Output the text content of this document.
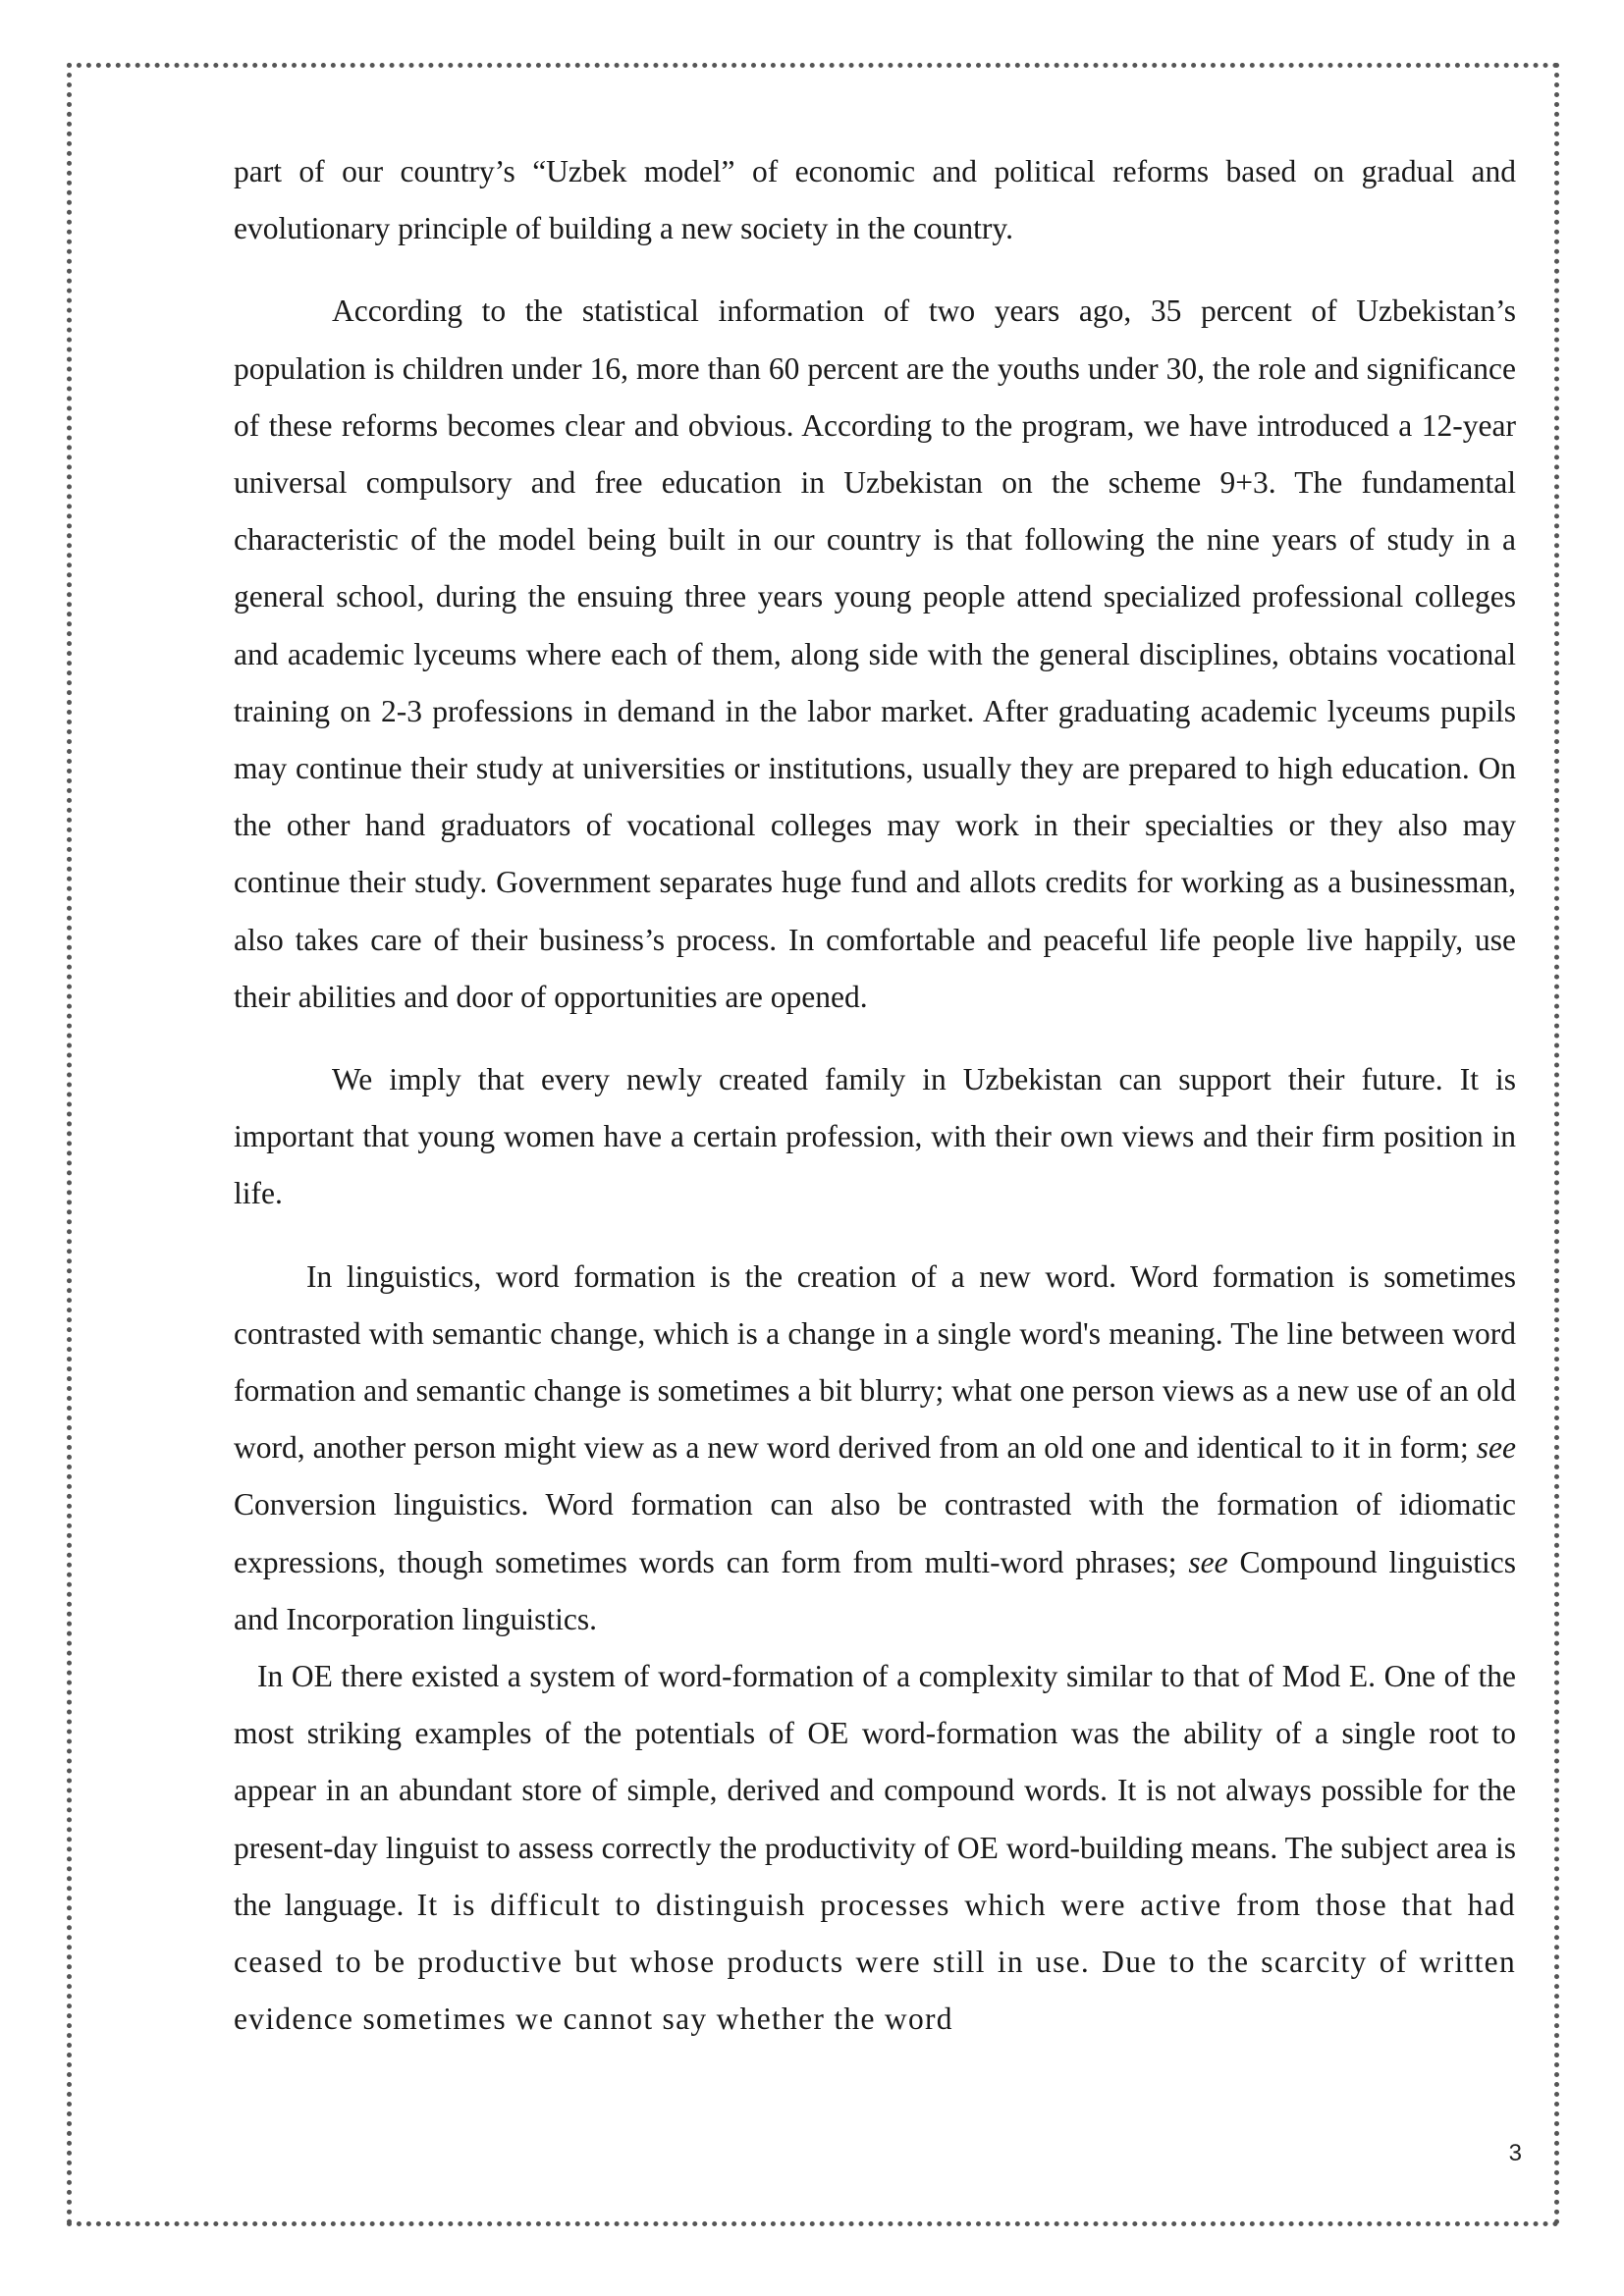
part of our country’s “Uzbek model” of economic and political reforms based on gradual and evolutionary principle of building a new society in the country.

According to the statistical information of two years ago, 35 percent of Uzbekistan’s population is children under 16, more than 60 percent are the youths under 30, the role and significance of these reforms becomes clear and obvious. According to the program, we have introduced a 12-year universal compulsory and free education in Uzbekistan on the scheme 9+3. The fundamental characteristic of the model being built in our country is that following the nine years of study in a general school, during the ensuing three years young people attend specialized professional colleges and academic lyceums where each of them, along side with the general disciplines, obtains vocational training on 2-3 professions in demand in the labor market. After graduating academic lyceums pupils may continue their study at universities or institutions, usually they are prepared to high education. On the other hand graduators of vocational colleges may work in their specialties or they also may continue their study. Government separates huge fund and allots credits for working as a businessman, also takes care of their business’s process. In comfortable and peaceful life people live happily, use their abilities and door of opportunities are opened.

We imply that every newly created family in Uzbekistan can support their future. It is important that young women have a certain profession, with their own views and their firm position in life.

In linguistics, word formation is the creation of a new word. Word formation is sometimes contrasted with semantic change, which is a change in a single word's meaning. The line between word formation and semantic change is sometimes a bit blurry; what one person views as a new use of an old word, another person might view as a new word derived from an old one and identical to it in form; see Conversion linguistics. Word formation can also be contrasted with the formation of idiomatic expressions, though sometimes words can form from multi-word phrases; see Compound linguistics and Incorporation linguistics.

In OE there existed a system of word-formation of a complexity similar to that of Mod E. One of the most striking examples of the potentials of OE word-formation was the ability of a single root to appear in an abundant store of simple, derived and compound words. It is not always possible for the present-day linguist to assess correctly the productivity of OE word-building means. The subject area is the language. It is difficult to distinguish processes which were active from those that had ceased to be productive but whose products were still in use. Due to the scarcity of written evidence sometimes we cannot say whether the word

3
